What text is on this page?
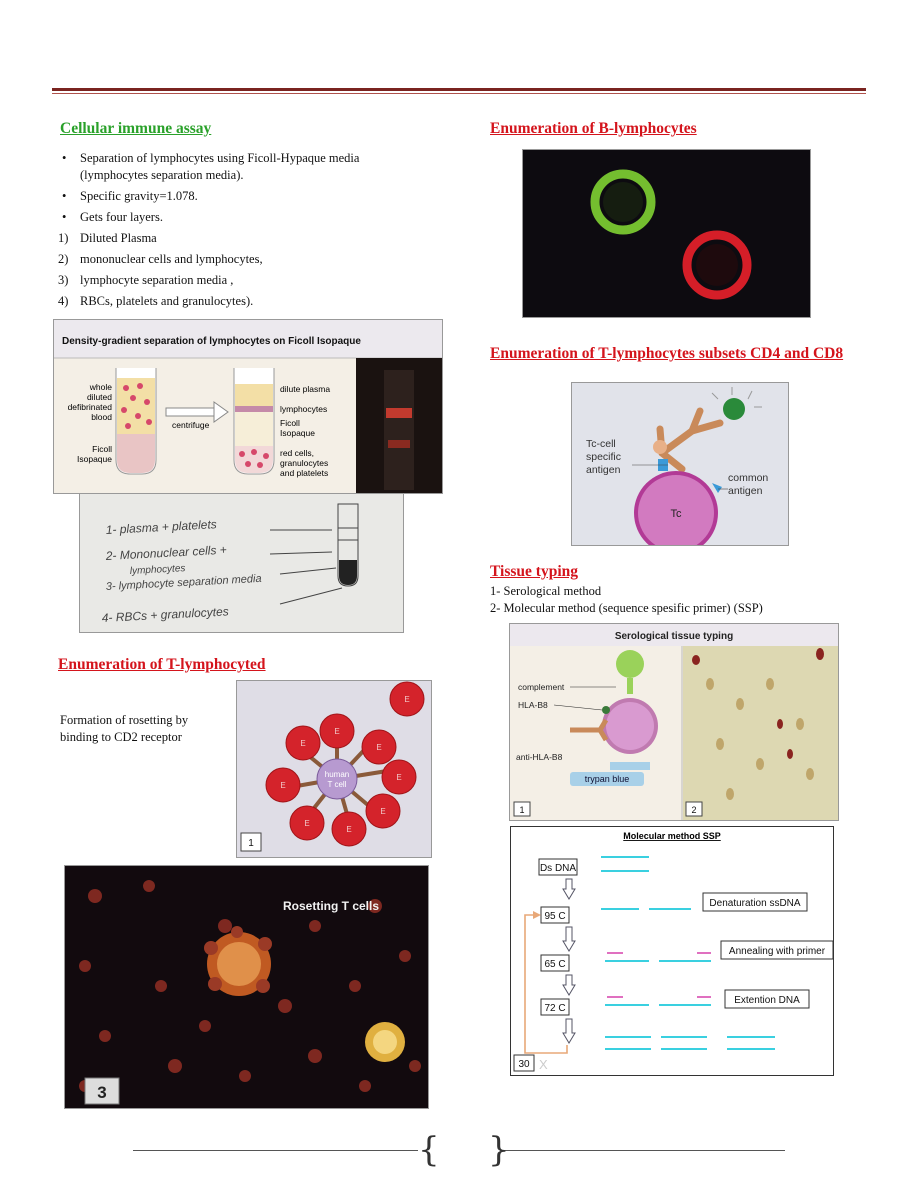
Cellular immune assay
• Separation of lymphocytes using Ficoll-Hypaque media (lymphocytes separation media).
• Specific gravity=1.078.
• Gets four layers.
1) Diluted Plasma
2) mononuclear cells and lymphocytes,
3) lymphocyte separation media ,
4) RBCs, platelets and granulocytes).
Density-gradient separation of lymphocytes on Ficoll Isopaque
whole
diluted
defibrinated
blood
Ficoll
Isopaque
centrifuge
dilute plasma
lymphocytes
Ficoll
Isopaque
red cells,
granulocytes
and platelets
1- plasma + platelets
2- Mononuclear cells +
lymphocytes
3- lymphocyte separation media
4- RBCs + granulocytes
Enumeration of T-lymphocyted
Formation of rosetting by
binding to CD2 receptor	E
E
E
E
E
E
E
E
E
human
T cell
1
Rosetting T cells
3
Enumeration of B-lymphocytes
Enumeration of T-lymphocytes subsets CD4 and CD8
Tc-cell
specific
antigen
common
antigen
Tc
Tissue typing
1- Serological method
2- Molecular method (sequence spesific primer) (SSP)
Serological tissue typing
complement
HLA-B8
anti-HLA-B8
trypan blue
1	2
Molecular method SSP
Ds DNA
95 C
65 C
72 C
30
Denaturation ssDNA
Annealing with primer
Extention DNA
X
{ }
